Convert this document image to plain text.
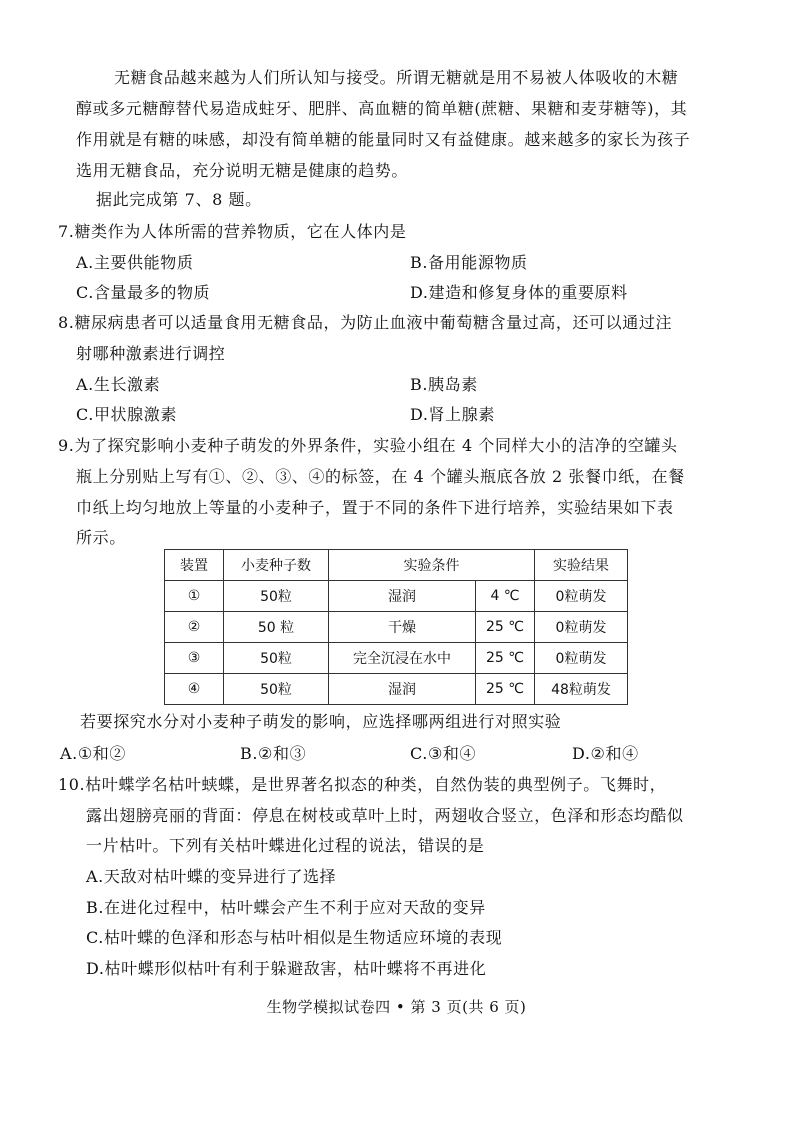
无糖食品越来越为人们所认知与接受。所谓无糖就是用不易被人体吸收的木糖
醇或多元糖醇替代易造成蛀牙、肥胖、高血糖的简单糖(蔗糖、果糖和麦芽糖等)，其
作用就是有糖的味感，却没有简单糖的能量同时又有益健康。越来越多的家长为孩子
选用无糖食品，充分说明无糖是健康的趋势。
据此完成第 7、8 题。
7.糖类作为人体所需的营养物质，它在人体内是
A.主要供能物质	B.备用能源物质
C.含量最多的物质	D.建造和修复身体的重要原料
8.糖尿病患者可以适量食用无糖食品，为防止血液中葡萄糖含量过高，还可以通过注
射哪种激素进行调控
A.生长激素	B.胰岛素
C.甲状腺激素	D.肾上腺素
9.为了探究影响小麦种子萌发的外界条件，实验小组在 4 个同样大小的洁净的空罐头
瓶上分别贴上写有①、②、③、④的标签，在 4 个罐头瓶底各放 2 张餐巾纸，在餐
巾纸上均匀地放上等量的小麦种子，置于不同的条件下进行培养，实验结果如下表
所示。
装置	小麦种子数	实验条件		实验结果
①	50粒	湿润	4 ℃	0粒萌发
②	50 粒	干燥	25 ℃	0粒萌发
③	50粒	完全沉浸在水中	25 ℃	0粒萌发
④	50粒	湿润	25 ℃	48粒萌发
若要探究水分对小麦种子萌发的影响，应选择哪两组进行对照实验
A.①和②	B.②和③	C.③和④	D.②和④
10.枯叶蝶学名枯叶蛱蝶，是世界著名拟态的种类，自然伪装的典型例子。飞舞时，
露出翅膀亮丽的背面：停息在树枝或草叶上时，两翅收合竖立，色泽和形态均酷似
一片枯叶。下列有关枯叶蝶进化过程的说法，错误的是
A.天敌对枯叶蝶的变异进行了选择
B.在进化过程中，枯叶蝶会产生不利于应对天敌的变异
C.枯叶蝶的色泽和形态与枯叶相似是生物适应环境的表现
D.枯叶蝶形似枯叶有利于躲避敌害，枯叶蝶将不再进化
生物学模拟试卷四 • 第 3 页(共 6 页)
